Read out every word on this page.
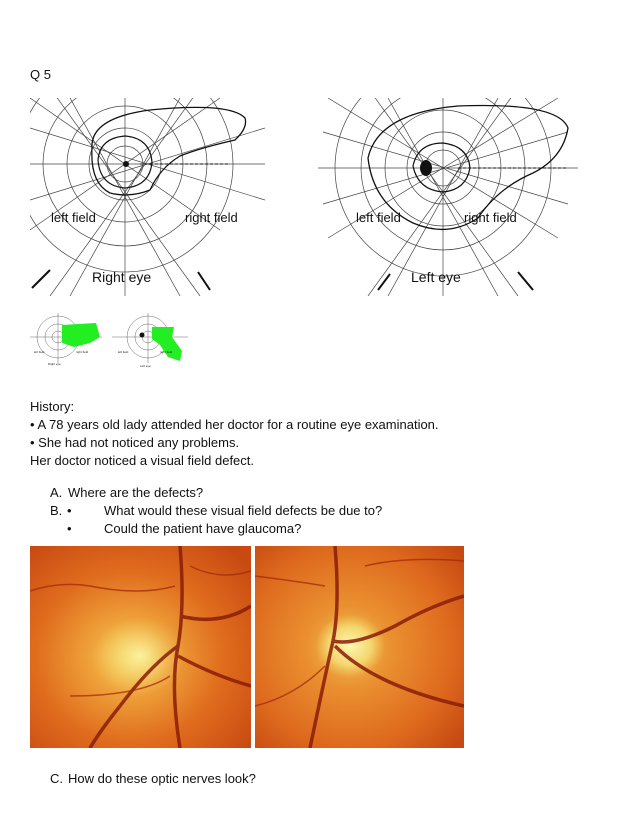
Q 5
left field	right field
Right eye
left field	right field
Left eye
left field	right field
Right eye
left field	right field
Left eye
History:
• A 78 years old lady attended her doctor for a routine eye examination.
• She had not noticed any problems.
Her doctor noticed a visual field defect.
A. Where are the defects?
B. • What would these visual field defects be due to?
• Could the patient have glaucoma?
C. How do these optic nerves look?
